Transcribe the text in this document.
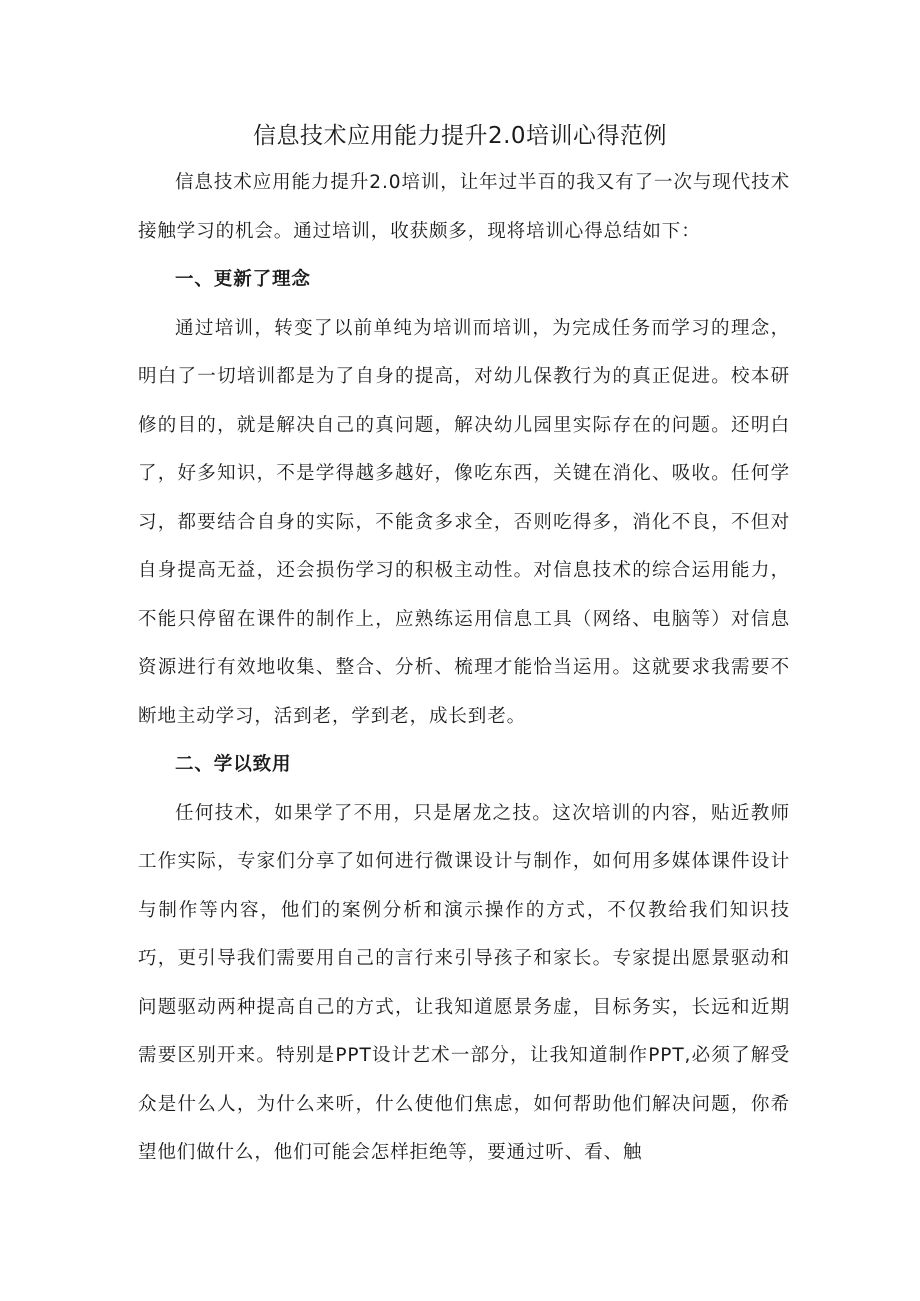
信息技术应用能力提升2.0培训心得范例

信息技术应用能力提升2.0培训，让年过半百的我又有了一次与现代技术接触学习的机会。通过培训，收获颇多，现将培训心得总结如下：

一、更新了理念

通过培训，转变了以前单纯为培训而培训，为完成任务而学习的理念，明白了一切培训都是为了自身的提高，对幼儿保教行为的真正促进。校本研修的目的，就是解决自己的真问题，解决幼儿园里实际存在的问题。还明白了，好多知识，不是学得越多越好，像吃东西，关键在消化、吸收。任何学习，都要结合自身的实际，不能贪多求全，否则吃得多，消化不良，不但对自身提高无益，还会损伤学习的积极主动性。对信息技术的综合运用能力，不能只停留在课件的制作上，应熟练运用信息工具（网络、电脑等）对信息资源进行有效地收集、整合、分析、梳理才能恰当运用。这就要求我需要不断地主动学习，活到老，学到老，成长到老。

二、学以致用

任何技术，如果学了不用，只是屠龙之技。这次培训的内容，贴近教师工作实际，专家们分享了如何进行微课设计与制作，如何用多媒体课件设计与制作等内容，他们的案例分析和演示操作的方式，不仅教给我们知识技巧，更引导我们需要用自己的言行来引导孩子和家长。专家提出愿景驱动和问题驱动两种提高自己的方式，让我知道愿景务虚，目标务实，长远和近期需要区别开来。特别是PPT设计艺术一部分，让我知道制作PPT,必须了解受众是什么人，为什么来听，什么使他们焦虑，如何帮助他们解决问题，你希望他们做什么，他们可能会怎样拒绝等，要通过听、看、触
